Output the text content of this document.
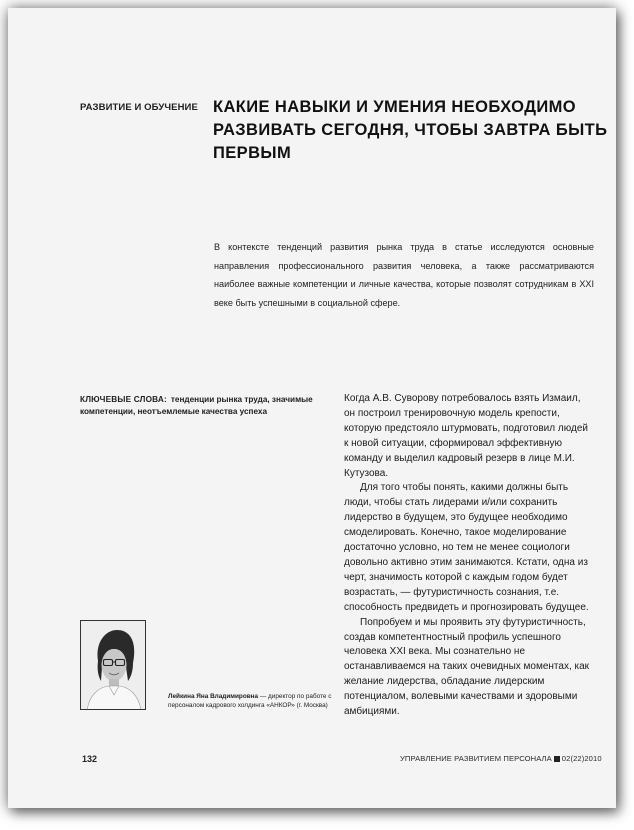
РАЗВИТИЕ И ОБУЧЕНИЕ КАКИЕ НАВЫКИ И УМЕНИЯ НЕОБХОДИМО РАЗВИВАТЬ СЕГОДНЯ, ЧТОБЫ ЗАВТРА БЫТЬ ПЕРВЫМ

В контексте тенденций развития рынка труда в статье исследуются основные направления профессионального развития человека, а также рассматриваются наиболее важные компетенции и личные качества, которые позволят сотрудникам в XXI веке быть успешными в социальной сфере.

КЛЮЧЕВЫЕ СЛОВА: тенденции рынка труда, значимые компетенции, неотъемлемые качества успеха

Когда А.В. Суворову потребовалось взять Измаил, он построил тренировочную модель крепости, которую предстояло штурмовать, подготовил людей к новой ситуации, сформировал эффективную команду и выделил кадровый резерв в лице М.И. Кутузова.

Для того чтобы понять, какими должны быть люди, чтобы стать лидерами и/или сохранить лидерство в будущем, это будущее необходимо смоделировать. Конечно, такое моделирование достаточно условно, но тем не менее социологи довольно активно этим занимаются. Кстати, одна из черт, значимость которой с каждым годом будет возрастать, — футуристичность сознания, т.е. способность предвидеть и прогнозировать будущее.

Попробуем и мы проявить эту футуристичность, создав компетентностный профиль успешного человека XXI века. Мы сознательно не останавливаемся на таких очевидных моментах, как желание лидерства, обладание лидерским потенциалом, волевыми качествами и здоровыми амбициями.

Лейкина Яна Владимировна — директор по работе с персоналом кадрового холдинга «АНКОР» (г. Москва)
132	УПРАВЛЕНИЕ РАЗВИТИЕМ ПЕРСОНАЛА 02(22)2010
